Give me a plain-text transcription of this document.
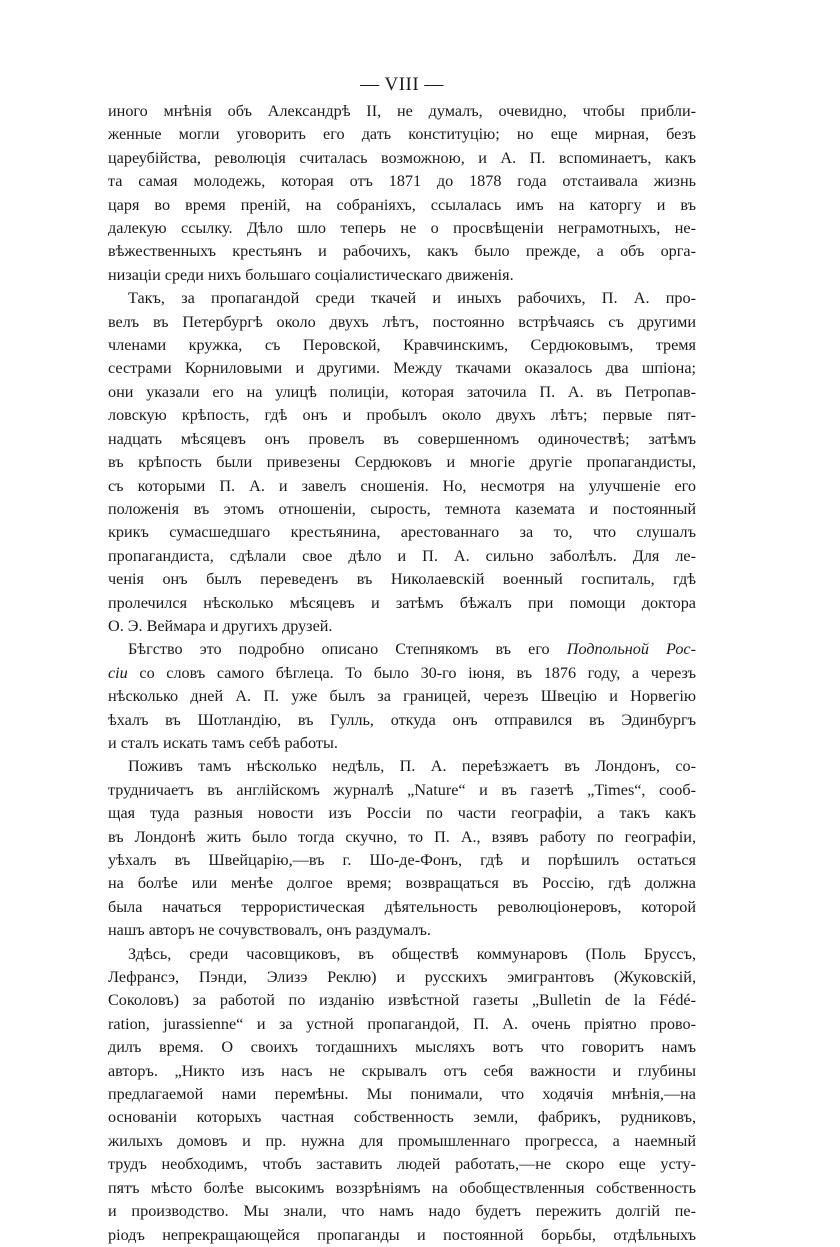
— VIII —
иного мнѣнія объ Александрѣ II, не думалъ, очевидно, чтобы прибли-
женные могли уговорить его дать конституцію; но еще мирная, безъ
цареубійства, революція считалась возможною, и А. П. вспоминаетъ, какъ
та самая молодежь, которая отъ 1871 до 1878 года отстаивала жизнь
царя во время преній, на собраніяхъ, ссылалась имъ на каторгу и въ
далекую ссылку. Дѣло шло теперь не о просвѣщеніи неграмотныхъ, не-
вѣжественныхъ крестьянъ и рабочихъ, какъ было прежде, а объ орга-
низаціи среди нихъ большаго соціалистическаго движенія.
Такъ, за пропагандой среди ткачей и иныхъ рабочихъ, П. А. про-
велъ въ Петербургѣ около двухъ лѣтъ, постоянно встрѣчаясь съ другими
членами кружка, съ Перовской, Кравчинскимъ, Сердюковымъ, тремя
сестрами Корниловыми и другими. Между ткачами оказалось два шпіона;
они указали его на улицѣ полиціи, которая заточила П. А. въ Петропав-
ловскую крѣпость, гдѣ онъ и пробылъ около двухъ лѣтъ; первые пят-
надцать мѣсяцевъ онъ провелъ въ совершенномъ одиночествѣ; затѣмъ
въ крѣпость были привезены Сердюковъ и многіе другіе пропагандисты,
съ которыми П. А. и завелъ сношенія. Но, несмотря на улучшеніе его
положенія въ этомъ отношеніи, сырость, темнота каземата и постоянный
крикъ сумасшедшаго крестьянина, арестованнаго за то, что слушалъ
пропагандиста, сдѣлали свое дѣло и П. А. сильно заболѣлъ. Для ле-
ченія онъ былъ переведенъ въ Николаевскій военный госпиталь, гдѣ
пролечился нѣсколько мѣсяцевъ и затѣмъ бѣжалъ при помощи доктора
О. Э. Веймара и другихъ друзей.
Бѣгство это подробно описано Степнякомъ въ его Подпольной Рос-
сіи со словъ самого бѣглеца. То было 30-го іюня, въ 1876 году, а черезъ
нѣсколько дней А. П. уже былъ за границей, черезъ Швецію и Норвегію
ѣхалъ въ Шотландію, въ Гулль, откуда онъ отправился въ Эдинбургъ
и сталъ искать тамъ себѣ работы.
Поживъ тамъ нѣсколько недѣль, П. А. переѣзжаетъ въ Лондонъ, со-
трудничаетъ въ англійскомъ журналѣ „Nature“ и въ газетѣ „Times“, сооб-
щая туда разныя новости изъ Россіи по части географіи, а такъ какъ
въ Лондонѣ жить было тогда скучно, то П. А., взявъ работу по географіи,
уѣхалъ въ Швейцарію,—въ г. Шо-де-Фонъ, гдѣ и порѣшилъ остаться
на болѣе или менѣе долгое время; возвращаться въ Россію, гдѣ должна
была начаться террористическая дѣятельность революціонеровъ, которой
нашъ авторъ не сочувствовалъ, онъ раздумалъ.
Здѣсь, среди часовщиковъ, въ обществѣ коммунаровъ (Поль Бруссъ,
Лефрансэ, Пэнди, Элизэ Реклю) и русскихъ эмигрантовъ (Жуковскій,
Соколовъ) за работой по изданію извѣстной газеты „Bulletin de la Fédé-
ration, jurassienne“ и за устной пропагандой, П. А. очень пріятно прово-
дилъ время. О своихъ тогдашнихъ мысляхъ вотъ что говоритъ намъ
авторъ. „Никто изъ насъ не скрывалъ отъ себя важности и глубины
предлагаемой нами перемѣны. Мы понимали, что ходячія мнѣнія,—на
основаніи которыхъ частная собственность земли, фабрикъ, рудниковъ,
жилыхъ домовъ и пр. нужна для промышленнаго прогресса, а наемный
трудъ необходимъ, чтобъ заставить людей работать,—не скоро еще усту-
пятъ мѣсто болѣе высокимъ воззрѣніямъ на обобществленныя собственность
и производство. Мы знали, что намъ надо будетъ пережить долгій пе-
ріодъ непрекращающейся пропаганды и постоянной борьбы, отдѣльныхъ
